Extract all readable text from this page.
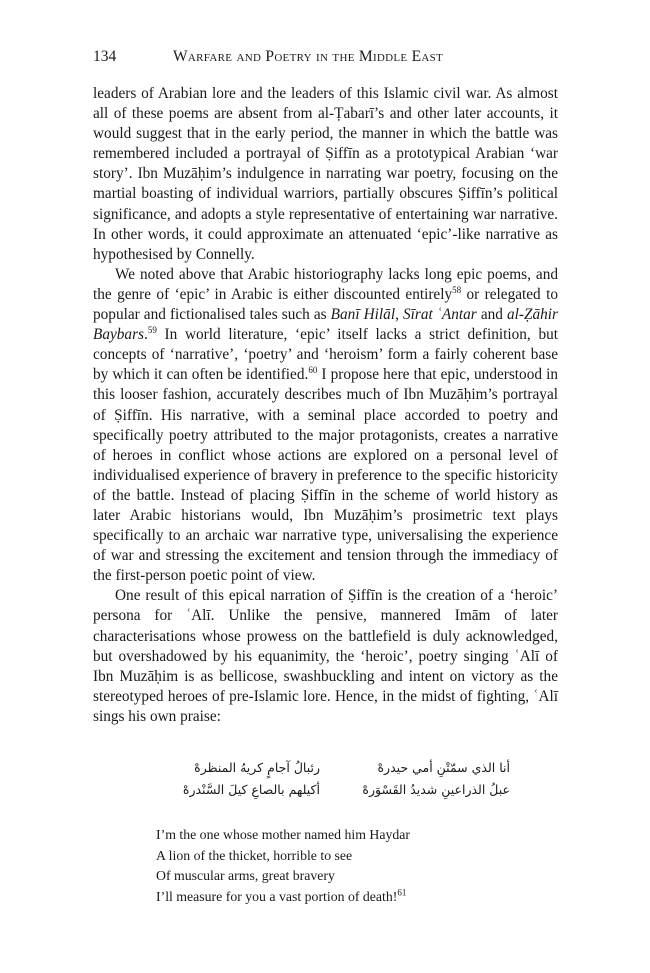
134	Warfare and Poetry in the Middle East

leaders of Arabian lore and the leaders of this Islamic civil war. As almost all of these poems are absent from al-Ṭabarī’s and other later accounts, it would suggest that in the early period, the manner in which the battle was remembered included a portrayal of Ṣiffīn as a prototypical Arabian ‘war story’. Ibn Muzāḥim’s indulgence in narrating war poetry, focusing on the martial boasting of individual warriors, partially obscures Ṣiffīn’s political significance, and adopts a style representative of entertaining war narrative. In other words, it could approximate an attenuated ‘epic’-like narrative as hypothesised by Connelly.

We noted above that Arabic historiography lacks long epic poems, and the genre of ‘epic’ in Arabic is either discounted entirely$^{58}$ or relegated to popular and fictionalised tales such as Banī Hilāl, Sīrat ʿAntar and al-Ẓāhir Baybars.$^{59}$ In world literature, ‘epic’ itself lacks a strict definition, but concepts of ‘narrative’, ‘poetry’ and ‘heroism’ form a fairly coherent base by which it can often be identified.$^{60}$ I propose here that epic, understood in this looser fashion, accurately describes much of Ibn Muzāḥim’s portrayal of Ṣiffīn. His narrative, with a seminal place accorded to poetry and specifically poetry attributed to the major protagonists, creates a narrative of heroes in conflict whose actions are explored on a personal level of individualised experience of bravery in preference to the specific historicity of the battle. Instead of placing Ṣiffīn in the scheme of world history as later Arabic historians would, Ibn Muzāḥim’s prosimetric text plays specifically to an archaic war narrative type, universalising the experience of war and stressing the excitement and tension through the immediacy of the first-person poetic point of view.

One result of this epical narration of Ṣiffīn is the creation of a ‘heroic’ persona for ʿAlī. Unlike the pensive, mannered Imām of later characterisations whose prowess on the battlefield is duly acknowledged, but overshadowed by his equanimity, the ‘heroic’, poetry singing ʿAlī of Ibn Muzāḥim is as bellicose, swashbuckling and intent on victory as the stereotyped heroes of pre-Islamic lore. Hence, in the midst of fighting, ʿAlī sings his own praise:

أنا الذي سمّتْنِ أمي حيدرهْ
رئبالُ آجامٍ كريهُ المنظرهْ
عبلُ الذراعينِ شديدُ القَسْوَرهْ
أكيلهم بالصاعِ كيلَ السَّنْدرهْ
I’m the one whose mother named him Haydar
A lion of the thicket, horrible to see
Of muscular arms, great bravery
I’ll measure for you a vast portion of death!$^{61}$
